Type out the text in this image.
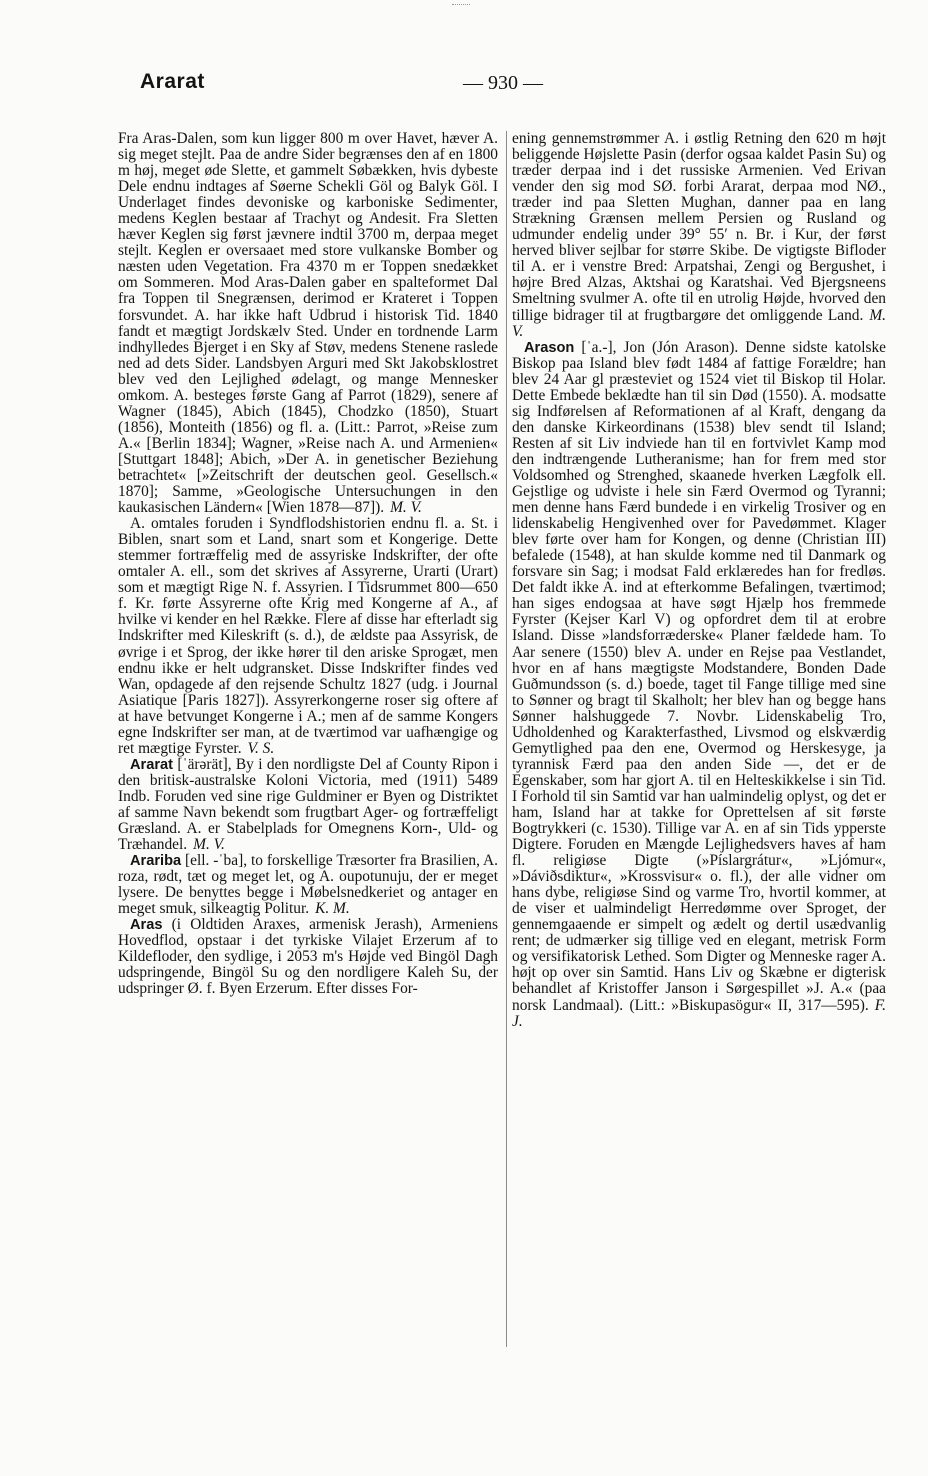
Ararat	— 930 —

Fra Aras-Dalen, som kun ligger 800 m over Havet, hæver A. sig meget stejlt. Paa de andre Sider begrænses den af en 1800 m høj, meget øde Slette, et gammelt Søbækken, hvis dybeste Dele endnu indtages af Søerne Schekli Göl og Balyk Göl. I Underlaget findes devoniske og karboniske Sedimenter, medens Keglen bestaar af Trachyt og Andesit. Fra Sletten hæver Keglen sig først jævnere indtil 3700 m, derpaa meget stejlt. Keglen er oversaaet med store vulkanske Bomber og næsten uden Vegetation. Fra 4370 m er Toppen snedækket om Sommeren. Mod Aras-Dalen gaber en spalteformet Dal fra Toppen til Snegrænsen, derimod er Krateret i Toppen forsvundet. A. har ikke haft Udbrud i historisk Tid. 1840 fandt et mægtigt Jordskælv Sted. Under en tordnende Larm indhylledes Bjerget i en Sky af Støv, medens Stenene raslede ned ad dets Sider. Landsbyen Arguri med Skt Jakobsklostret blev ved den Lejlighed ødelagt, og mange Mennesker omkom. A. besteges første Gang af Parrot (1829), senere af Wagner (1845), Abich (1845), Chodzko (1850), Stuart (1856), Monteith (1856) og fl. a. (Litt.: Parrot, »Reise zum A.« [Berlin 1834]; Wagner, »Reise nach A. und Armenien« [Stuttgart 1848]; Abich, »Der A. in genetischer Beziehung betrachtet« [»Zeitschrift der deutschen geol. Gesellsch.« 1870]; Samme, »Geologische Untersuchungen in den kaukasischen Ländern« [Wien 1878—87]). M. V.

A. omtales foruden i Syndflodshistorien endnu fl. a. St. i Biblen, snart som et Land, snart som et Kongerige. Dette stemmer fortræffelig med de assyriske Indskrifter, der ofte omtaler A. ell., som det skrives af Assyrerne, Urarti (Urart) som et mægtigt Rige N. f. Assyrien. I Tidsrummet 800—650 f. Kr. førte Assyrerne ofte Krig med Kongerne af A., af hvilke vi kender en hel Række. Flere af disse har efterladt sig Indskrifter med Kileskrift (s. d.), de ældste paa Assyrisk, de øvrige i et Sprog, der ikke hører til den ariske Sprogæt, men endnu ikke er helt udgransket. Disse Indskrifter findes ved Wan, opdagede af den rejsende Schultz 1827 (udg. i Journal Asiatique [Paris 1827]). Assyrerkongerne roser sig oftere af at have betvunget Kongerne i A.; men af de samme Kongers egne Indskrifter ser man, at de tværtimod var uafhængige og ret mægtige Fyrster. V. S.

Ararat [ˈärərät], By i den nordligste Del af County Ripon i den britisk-australske Koloni Victoria, med (1911) 5489 Indb. Foruden ved sine rige Guldminer er Byen og Distriktet af samme Navn bekendt som frugtbart Ager- og fortræffeligt Græsland. A. er Stabelplads for Omegnens Korn-, Uld- og Træhandel. M. V.

Arariba [ell. -ˈba], to forskellige Træsorter fra Brasilien, A. roza, rødt, tæt og meget let, og A. oupotunuju, der er meget lysere. De benyttes begge i Møbelsnedkeriet og antager en meget smuk, silkeagtig Politur. K. M.

Aras (i Oldtiden Araxes, armenisk Jerash), Armeniens Hovedflod, opstaar i det tyrkiske Vilajet Erzerum af to Kildefloder, den sydlige, i 2053 m's Højde ved Bingöl Dagh udspringende, Bingöl Su og den nordligere Kaleh Su, der udspringer Ø. f. Byen Erzerum. Efter disses For-

ening gennemstrømmer A. i østlig Retning den 620 m højt beliggende Højslette Pasin (derfor ogsaa kaldet Pasin Su) og træder derpaa ind i det russiske Armenien. Ved Erivan vender den sig mod SØ. forbi Ararat, derpaa mod NØ., træder ind paa Sletten Mughan, danner paa en lang Strækning Grænsen mellem Persien og Rusland og udmunder endelig under 39° 55′ n. Br. i Kur, der først herved bliver sejlbar for større Skibe. De vigtigste Bifloder til A. er i venstre Bred: Arpatshai, Zengi og Bergushet, i højre Bred Alzas, Aktshai og Karatshai. Ved Bjergsneens Smeltning svulmer A. ofte til en utrolig Højde, hvorved den tillige bidrager til at frugtbargøre det omliggende Land. M. V.

Arason [ˈa.-], Jon (Jón Arason). Denne sidste katolske Biskop paa Island blev født 1484 af fattige Forældre; han blev 24 Aar gl præsteviet og 1524 viet til Biskop til Holar. Dette Embede beklædte han til sin Død (1550). A. modsatte sig Indførelsen af Reformationen af al Kraft, dengang da den danske Kirkeordinans (1538) blev sendt til Island; Resten af sit Liv indviede han til en fortvivlet Kamp mod den indtrængende Lutheranisme; han for frem med stor Voldsomhed og Strenghed, skaanede hverken Lægfolk ell. Gejstlige og udviste i hele sin Færd Overmod og Tyranni; men denne hans Færd bundede i en virkelig Trosiver og en lidenskabelig Hengivenhed over for Pavedømmet. Klager blev førte over ham for Kongen, og denne (Christian III) befalede (1548), at han skulde komme ned til Danmark og forsvare sin Sag; i modsat Fald erklæredes han for fredløs. Det faldt ikke A. ind at efterkomme Befalingen, tværtimod; han siges endogsaa at have søgt Hjælp hos fremmede Fyrster (Kejser Karl V) og opfordret dem til at erobre Island. Disse »landsforræderske« Planer fældede ham. To Aar senere (1550) blev A. under en Rejse paa Vestlandet, hvor en af hans mægtigste Modstandere, Bonden Dade Guðmundsson (s. d.) boede, taget til Fange tillige med sine to Sønner og bragt til Skalholt; her blev han og begge hans Sønner halshuggede 7. Novbr. Lidenskabelig Tro, Udholdenhed og Karakterfasthed, Livsmod og elskværdig Gemytlighed paa den ene, Overmod og Herskesyge, ja tyrannisk Færd paa den anden Side —, det er de Egenskaber, som har gjort A. til en Helteskikkelse i sin Tid. I Forhold til sin Samtid var han ualmindelig oplyst, og det er ham, Island har at takke for Oprettelsen af sit første Bogtrykkeri (c. 1530). Tillige var A. en af sin Tids ypperste Digtere. Foruden en Mængde Lejlighedsvers haves af ham fl. religiøse Digte (»Píslargrátur«, »Ljómur«, »Dáviðsdiktur«, »Krossvisur« o. fl.), der alle vidner om hans dybe, religiøse Sind og varme Tro, hvortil kommer, at de viser et ualmindeligt Herredømme over Sproget, der gennemgaaende er simpelt og ædelt og dertil usædvanlig rent; de udmærker sig tillige ved en elegant, metrisk Form og versifikatorisk Lethed. Som Digter og Menneske rager A. højt op over sin Samtid. Hans Liv og Skæbne er digterisk behandlet af Kristoffer Janson i Sørgespillet »J. A.« (paa norsk Landmaal). (Litt.: »Biskupasögur« II, 317—595). F. J.
